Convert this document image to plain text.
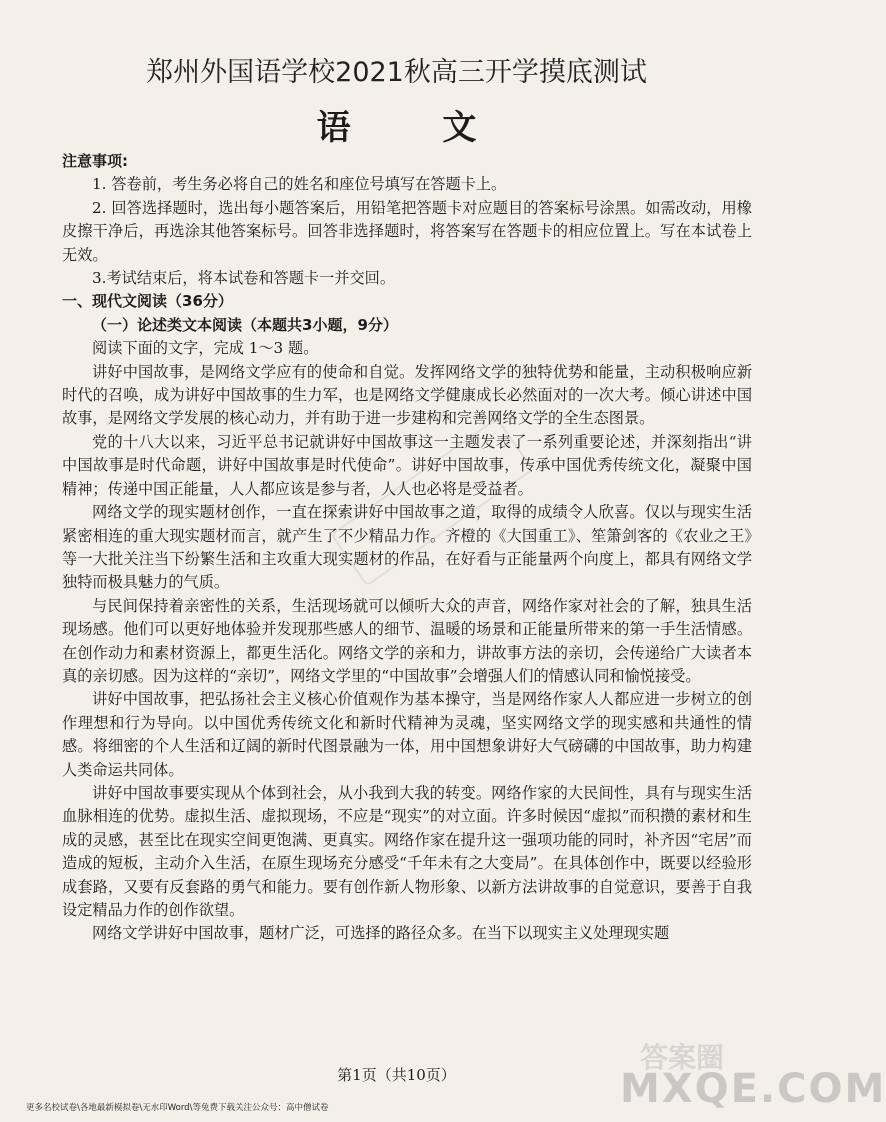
郑州外国语学校2021秋高三开学摸底测试
语 文

注意事项:

1. 答卷前，考生务必将自己的姓名和座位号填写在答题卡上。

2. 回答选择题时，选出每小题答案后，用铅笔把答题卡对应题目的答案标号涂黑。如需改动，用橡皮擦干净后，再选涂其他答案标号。回答非选择题时，将答案写在答题卡的相应位置上。写在本试卷上无效。

3.考试结束后，将本试卷和答题卡一并交回。

一、现代文阅读（36分）

（一）论述类文本阅读（本题共3小题，9分）

阅读下面的文字，完成 1～3 题。

讲好中国故事，是网络文学应有的使命和自觉。发挥网络文学的独特优势和能量，主动积极响应新时代的召唤，成为讲好中国故事的生力军，也是网络文学健康成长必然面对的一次大考。倾心讲述中国故事，是网络文学发展的核心动力，并有助于进一步建构和完善网络文学的全生态图景。

党的十八大以来，习近平总书记就讲好中国故事这一主题发表了一系列重要论述，并深刻指出“讲中国故事是时代命题，讲好中国故事是时代使命”。讲好中国故事，传承中国优秀传统文化，凝聚中国精神；传递中国正能量，人人都应该是参与者，人人也必将是受益者。

网络文学的现实题材创作，一直在探索讲好中国故事之道，取得的成绩令人欣喜。仅以与现实生活紧密相连的重大现实题材而言，就产生了不少精品力作。齐橙的《大国重工》、笙箫剑客的《农业之王》等一大批关注当下纷繁生活和主攻重大现实题材的作品，在好看与正能量两个向度上，都具有网络文学独特而极具魅力的气质。

与民间保持着亲密性的关系，生活现场就可以倾听大众的声音，网络作家对社会的了解，独具生活现场感。他们可以更好地体验并发现那些感人的细节、温暖的场景和正能量所带来的第一手生活情感。在创作动力和素材资源上，都更生活化。网络文学的亲和力，讲故事方法的亲切，会传递给广大读者本真的亲切感。因为这样的“亲切”，网络文学里的“中国故事”会增强人们的情感认同和愉悦接受。

讲好中国故事，把弘扬社会主义核心价值观作为基本操守，当是网络作家人人都应进一步树立的创作理想和行为导向。以中国优秀传统文化和新时代精神为灵魂，坚实网络文学的现实感和共通性的情感。将细密的个人生活和辽阔的新时代图景融为一体，用中国想象讲好大气磅礴的中国故事，助力构建人类命运共同体。

讲好中国故事要实现从个体到社会，从小我到大我的转变。网络作家的大民间性，具有与现实生活血脉相连的优势。虚拟生活、虚拟现场，不应是“现实”的对立面。许多时候因“虚拟”而积攒的素材和生成的灵感，甚至比在现实空间更饱满、更真实。网络作家在提升这一强项功能的同时，补齐因“宅居”而造成的短板，主动介入生活，在原生现场充分感受“千年未有之大变局”。在具体创作中，既要以经验形成套路，又要有反套路的勇气和能力。要有创作新人物形象、以新方法讲故事的自觉意识，要善于自我设定精品力作的创作欲望。

网络文学讲好中国故事，题材广泛，可选择的路径众多。在当下以现实主义处理现实题

答案圈
MXQE.COM
第1页（共10页）
更多名校试卷\各地最新模拟卷\无水印Word\等免费下载关注公众号：高中僧试卷
